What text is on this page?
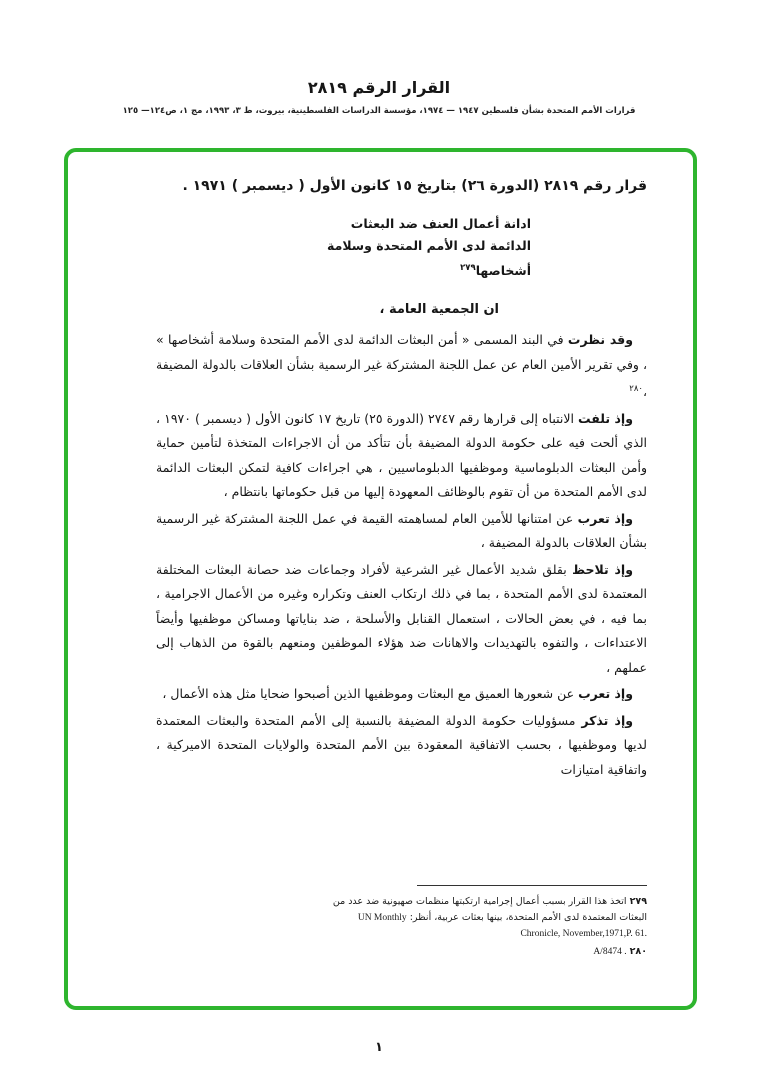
القرار الرقم ٢٨١٩
قرارات الأمم المتحدة بشأن فلسطين ١٩٤٧ — ١٩٧٤، مؤسسة الدراسات الفلسطينية، بيروت، ط ٣، ١٩٩٣، مج ١، ص١٢٤— ١٢٥
قرار رقم ٢٨١٩ (الدورة ٢٦) بتاريخ ١٥ كانون الأول ( ديسمبر ) ١٩٧١ .
ادانة أعمال العنف ضد البعثات
الدائمة لدى الأمم المتحدة وسلامة
أشخاصها$^{٢٧٩}$
ان الجمعية العامة ،

وقد نظرت في البند المسمى « أمن البعثات الدائمة لدى الأمم المتحدة وسلامة أشخاصها » ، وفي تقرير الأمين العام عن عمل اللجنة المشتركة غير الرسمية بشأن العلاقات بالدولة المضيفة ،$^{٢٨٠}$

وإذ تلفت الانتباه إلى قرارها رقم ٢٧٤٧ (الدورة ٢٥) تاريخ ١٧ كانون الأول ( ديسمبر ) ١٩٧٠ ، الذي ألحت فيه على حكومة الدولة المضيفة بأن تتأكد من أن الاجراءات المتخذة لتأمين حماية وأمن البعثات الدبلوماسية وموظفيها الدبلوماسيين ، هي اجراءات كافية لتمكن البعثات الدائمة لدى الأمم المتحدة من أن تقوم بالوظائف المعهودة إليها من قبل حكوماتها بانتظام ،

وإذ تعرب عن امتنانها للأمين العام لمساهمته القيمة في عمل اللجنة المشتركة غير الرسمية بشأن العلاقات بالدولة المضيفة ،

وإذ تلاحظ بقلق شديد الأعمال غير الشرعية لأفراد وجماعات ضد حصانة البعثات المختلفة المعتمدة لدى الأمم المتحدة ، بما في ذلك ارتكاب العنف وتكراره وغيره من الأعمال الاجرامية ، بما فيه ، في بعض الحالات ، استعمال القنابل والأسلحة ، ضد بناياتها ومساكن موظفيها وأيضاً الاعتداءات ، والتفوه بالتهديدات والاهانات ضد هؤلاء الموظفين ومنعهم بالقوة من الذهاب إلى عملهم ،

وإذ تعرب عن شعورها العميق مع البعثات وموظفيها الذين أصبحوا ضحايا مثل هذه الأعمال ،

وإذ تذكر مسؤوليات حكومة الدولة المضيفة بالنسبة إلى الأمم المتحدة والبعثات المعتمدة لديها وموظفيها ، بحسب الاتفاقية المعقودة بين الأمم المتحدة والولايات المتحدة الاميركية ، واتفاقية امتيازات

٢٧٩ اتخذ هذا القرار بسبب أعمال إجرامية ارتكبتها منظمات صهيونية ضد عدد من البعثات المعتمدة لدى الأمم المتحدة، بينها بعثات عربية، أنظر: UN Monthly Chronicle, November,1971,P. 61.
٢٨٠ A/8474 .
١
